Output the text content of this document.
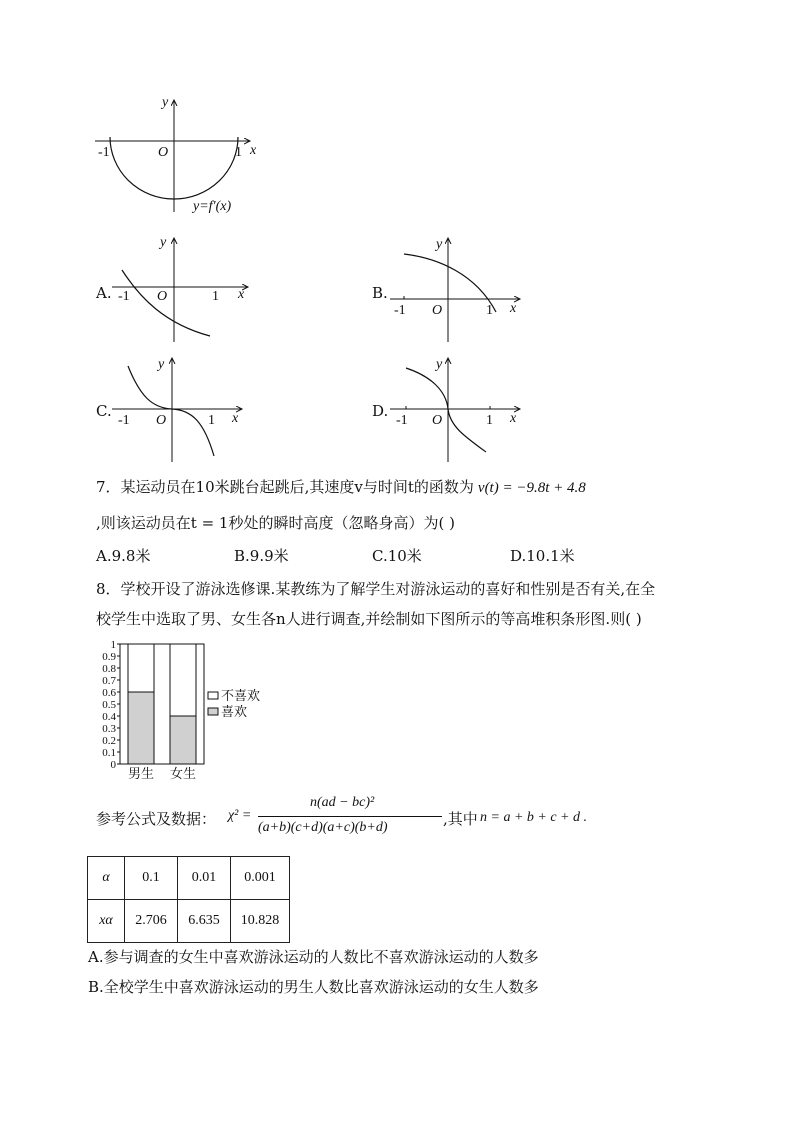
y
x
O
-1	1
y=f′(x)
A.
y
x
O
-1	1	B.
y
x
O
-1	1
C.
y
x
O
-1	1
D.
y
x
O
-1	1
7．某运动员在10米跳台起跳后,其速度v与时间t的函数为 v(t) = −9.8t + 4.8
,则该运动员在t = 1秒处的瞬时高度（忽略身高）为( )
A.9.8米	B.9.9米	C.10米	D.10.1米
8．学校开设了游泳选修课.某教练为了解学生对游泳运动的喜好和性别是否有关,在全
校学生中选取了男、女生各n人进行调查,并绘制如下图所示的等高堆积条形图.则( )
0
0.1
0.2
0.3
0.4
0.5
0.6
0.7
0.8
0.9
1
男生 女生
不喜欢
喜欢
参考公式及数据： χ² =
n(ad − bc)²
(a+b)(c+d)(a+c)(b+d)	,其中 n = a + b + c + d .
α	0.1	0.01	0.001
xα	2.706	6.635	10.828
A.参与调查的女生中喜欢游泳运动的人数比不喜欢游泳运动的人数多
B.全校学生中喜欢游泳运动的男生人数比喜欢游泳运动的女生人数多
